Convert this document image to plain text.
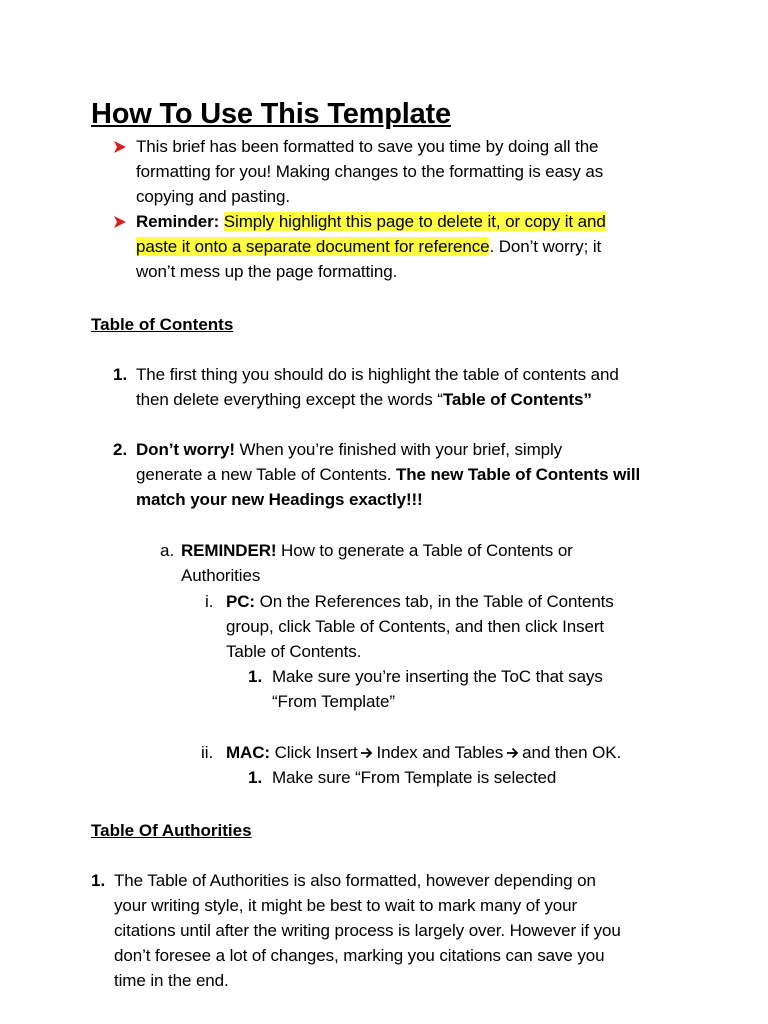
How To Use This Template
This brief has been formatted to save you time by doing all the
formatting for you! Making changes to the formatting is easy as
copying and pasting.
Reminder: Simply highlight this page to delete it, or copy it and
paste it onto a separate document for reference. Don’t worry; it
won’t mess up the page formatting.
Table of Contents
1. The first thing you should do is highlight the table of contents and
then delete everything except the words “Table of Contents”
2. Don’t worry! When you’re finished with your brief, simply
generate a new Table of Contents. The new Table of Contents will
match your new Headings exactly!!!
a. REMINDER! How to generate a Table of Contents or
Authorities
i. PC: On the References tab, in the Table of Contents
group, click Table of Contents, and then click Insert
Table of Contents.
1. Make sure you’re inserting the ToC that says
“From Template”
ii. MAC: Click Insert Index and Tables and then OK.
1. Make sure “From Template is selected
Table Of Authorities
1. The Table of Authorities is also formatted, however depending on
your writing style, it might be best to wait to mark many of your
citations until after the writing process is largely over. However if you
don’t foresee a lot of changes, marking you citations can save you
time in the end.
